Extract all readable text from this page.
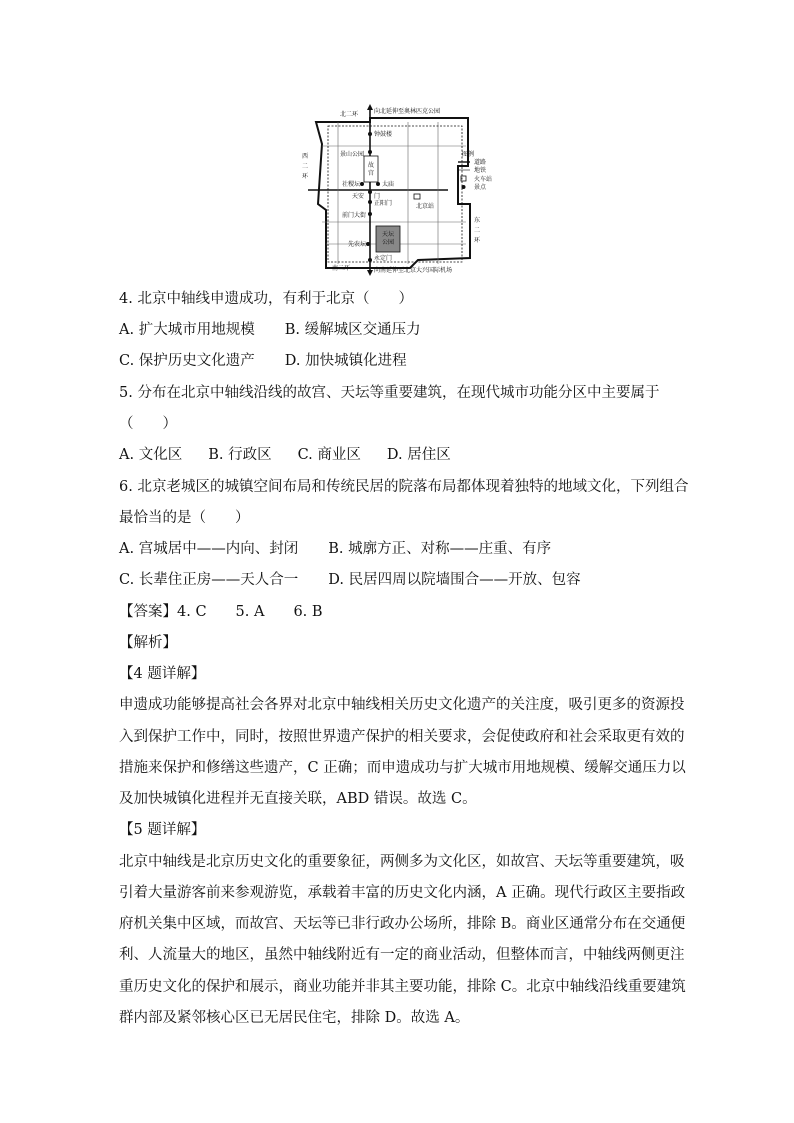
北二环	向北延伸至奥林匹克公园
钟鼓楼
景山公园
故
宫
社稷坛	太庙
天安 门
正阳门
前门大街
北京站
天坛
公园
先农坛
永定门
向南延伸至北京大兴国际机场
南二环
西
二
环
东
二
环
图例
道路
地铁
火车站
景点
4. 北京中轴线申遗成功，有利于北京（　　）
A. 扩大城市用地规模 B. 缓解城区交通压力
C. 保护历史文化遗产 D. 加快城镇化进程
5. 分布在北京中轴线沿线的故宫、天坛等重要建筑，在现代城市功能分区中主要属于
（　　）
A. 文化区 B. 行政区 C. 商业区 D. 居住区
6. 北京老城区的城镇空间布局和传统民居的院落布局都体现着独特的地域文化，下列组合
最恰当的是（　　）
A. 宫城居中——内向、封闭 B. 城廓方正、对称——庄重、有序
C. 长辈住正房——天人合一 D. 民居四周以院墙围合——开放、包容
【答案】4. C　　5. A　　6. B
【解析】
【4 题详解】
申遗成功能够提高社会各界对北京中轴线相关历史文化遗产的关注度，吸引更多的资源投
入到保护工作中，同时，按照世界遗产保护的相关要求，会促使政府和社会采取更有效的
措施来保护和修缮这些遗产，C 正确；而申遗成功与扩大城市用地规模、缓解交通压力以
及加快城镇化进程并无直接关联，ABD 错误。故选 C。
【5 题详解】
北京中轴线是北京历史文化的重要象征，两侧多为文化区，如故宫、天坛等重要建筑，吸
引着大量游客前来参观游览，承载着丰富的历史文化内涵，A 正确。现代行政区主要指政
府机关集中区域，而故宫、天坛等已非行政办公场所，排除 B。商业区通常分布在交通便
利、人流量大的地区，虽然中轴线附近有一定的商业活动，但整体而言，中轴线两侧更注
重历史文化的保护和展示，商业功能并非其主要功能，排除 C。北京中轴线沿线重要建筑
群内部及紧邻核心区已无居民住宅，排除 D。故选 A。
